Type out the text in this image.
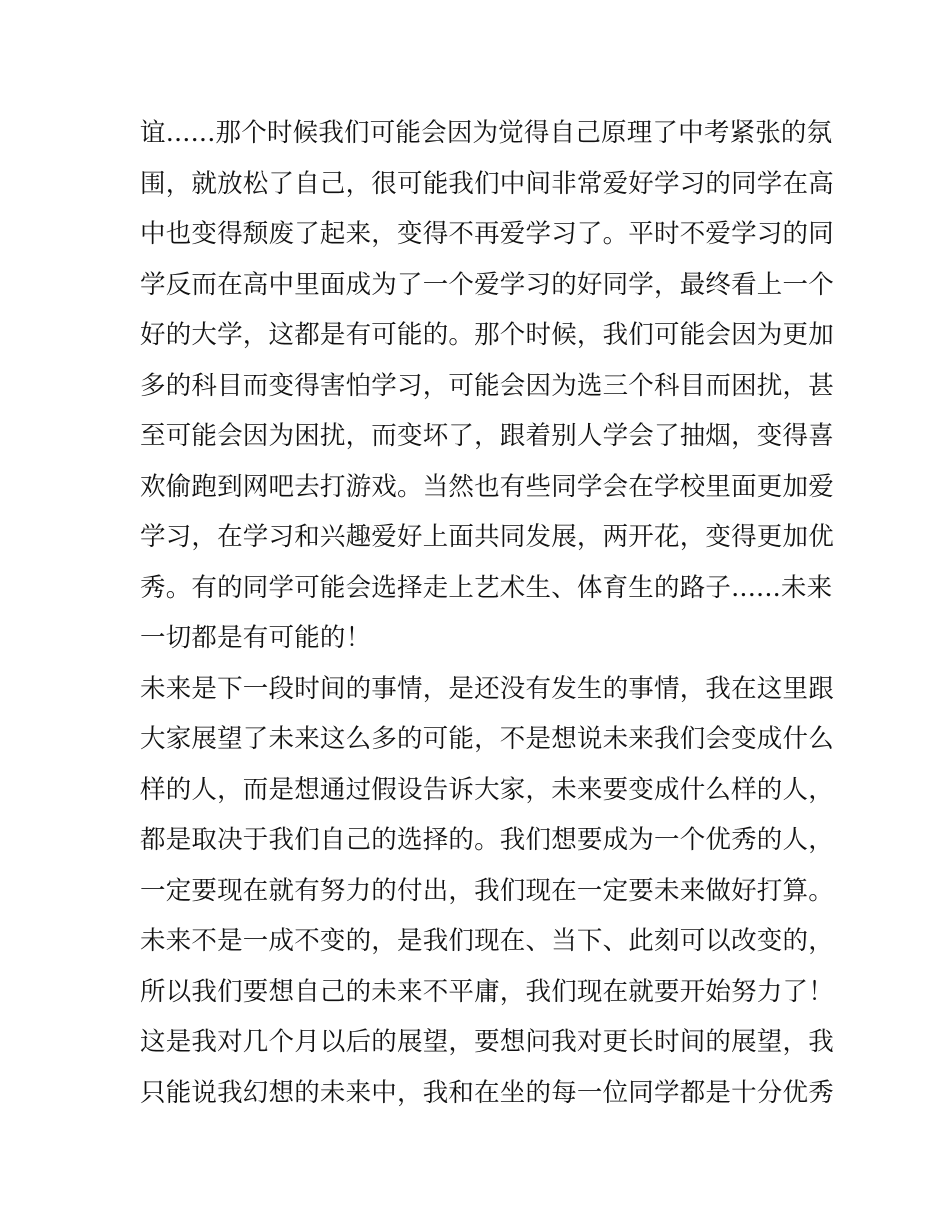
谊......那个时候我们可能会因为觉得自己原理了中考紧张的氛
围，就放松了自己，很可能我们中间非常爱好学习的同学在高
中也变得颓废了起来，变得不再爱学习了。平时不爱学习的同
学反而在高中里面成为了一个爱学习的好同学，最终看上一个
好的大学，这都是有可能的。那个时候，我们可能会因为更加
多的科目而变得害怕学习，可能会因为选三个科目而困扰，甚
至可能会因为困扰，而变坏了，跟着别人学会了抽烟，变得喜
欢偷跑到网吧去打游戏。当然也有些同学会在学校里面更加爱
学习，在学习和兴趣爱好上面共同发展，两开花，变得更加优
秀。有的同学可能会选择走上艺术生、体育生的路子......未来
一切都是有可能的！
未来是下一段时间的事情，是还没有发生的事情，我在这里跟
大家展望了未来这么多的可能，不是想说未来我们会变成什么
样的人，而是想通过假设告诉大家，未来要变成什么样的人，
都是取决于我们自己的选择的。我们想要成为一个优秀的人，
一定要现在就有努力的付出，我们现在一定要未来做好打算。
未来不是一成不变的，是我们现在、当下、此刻可以改变的，
所以我们要想自己的未来不平庸，我们现在就要开始努力了！
这是我对几个月以后的展望，要想问我对更长时间的展望，我
只能说我幻想的未来中，我和在坐的每一位同学都是十分优秀
